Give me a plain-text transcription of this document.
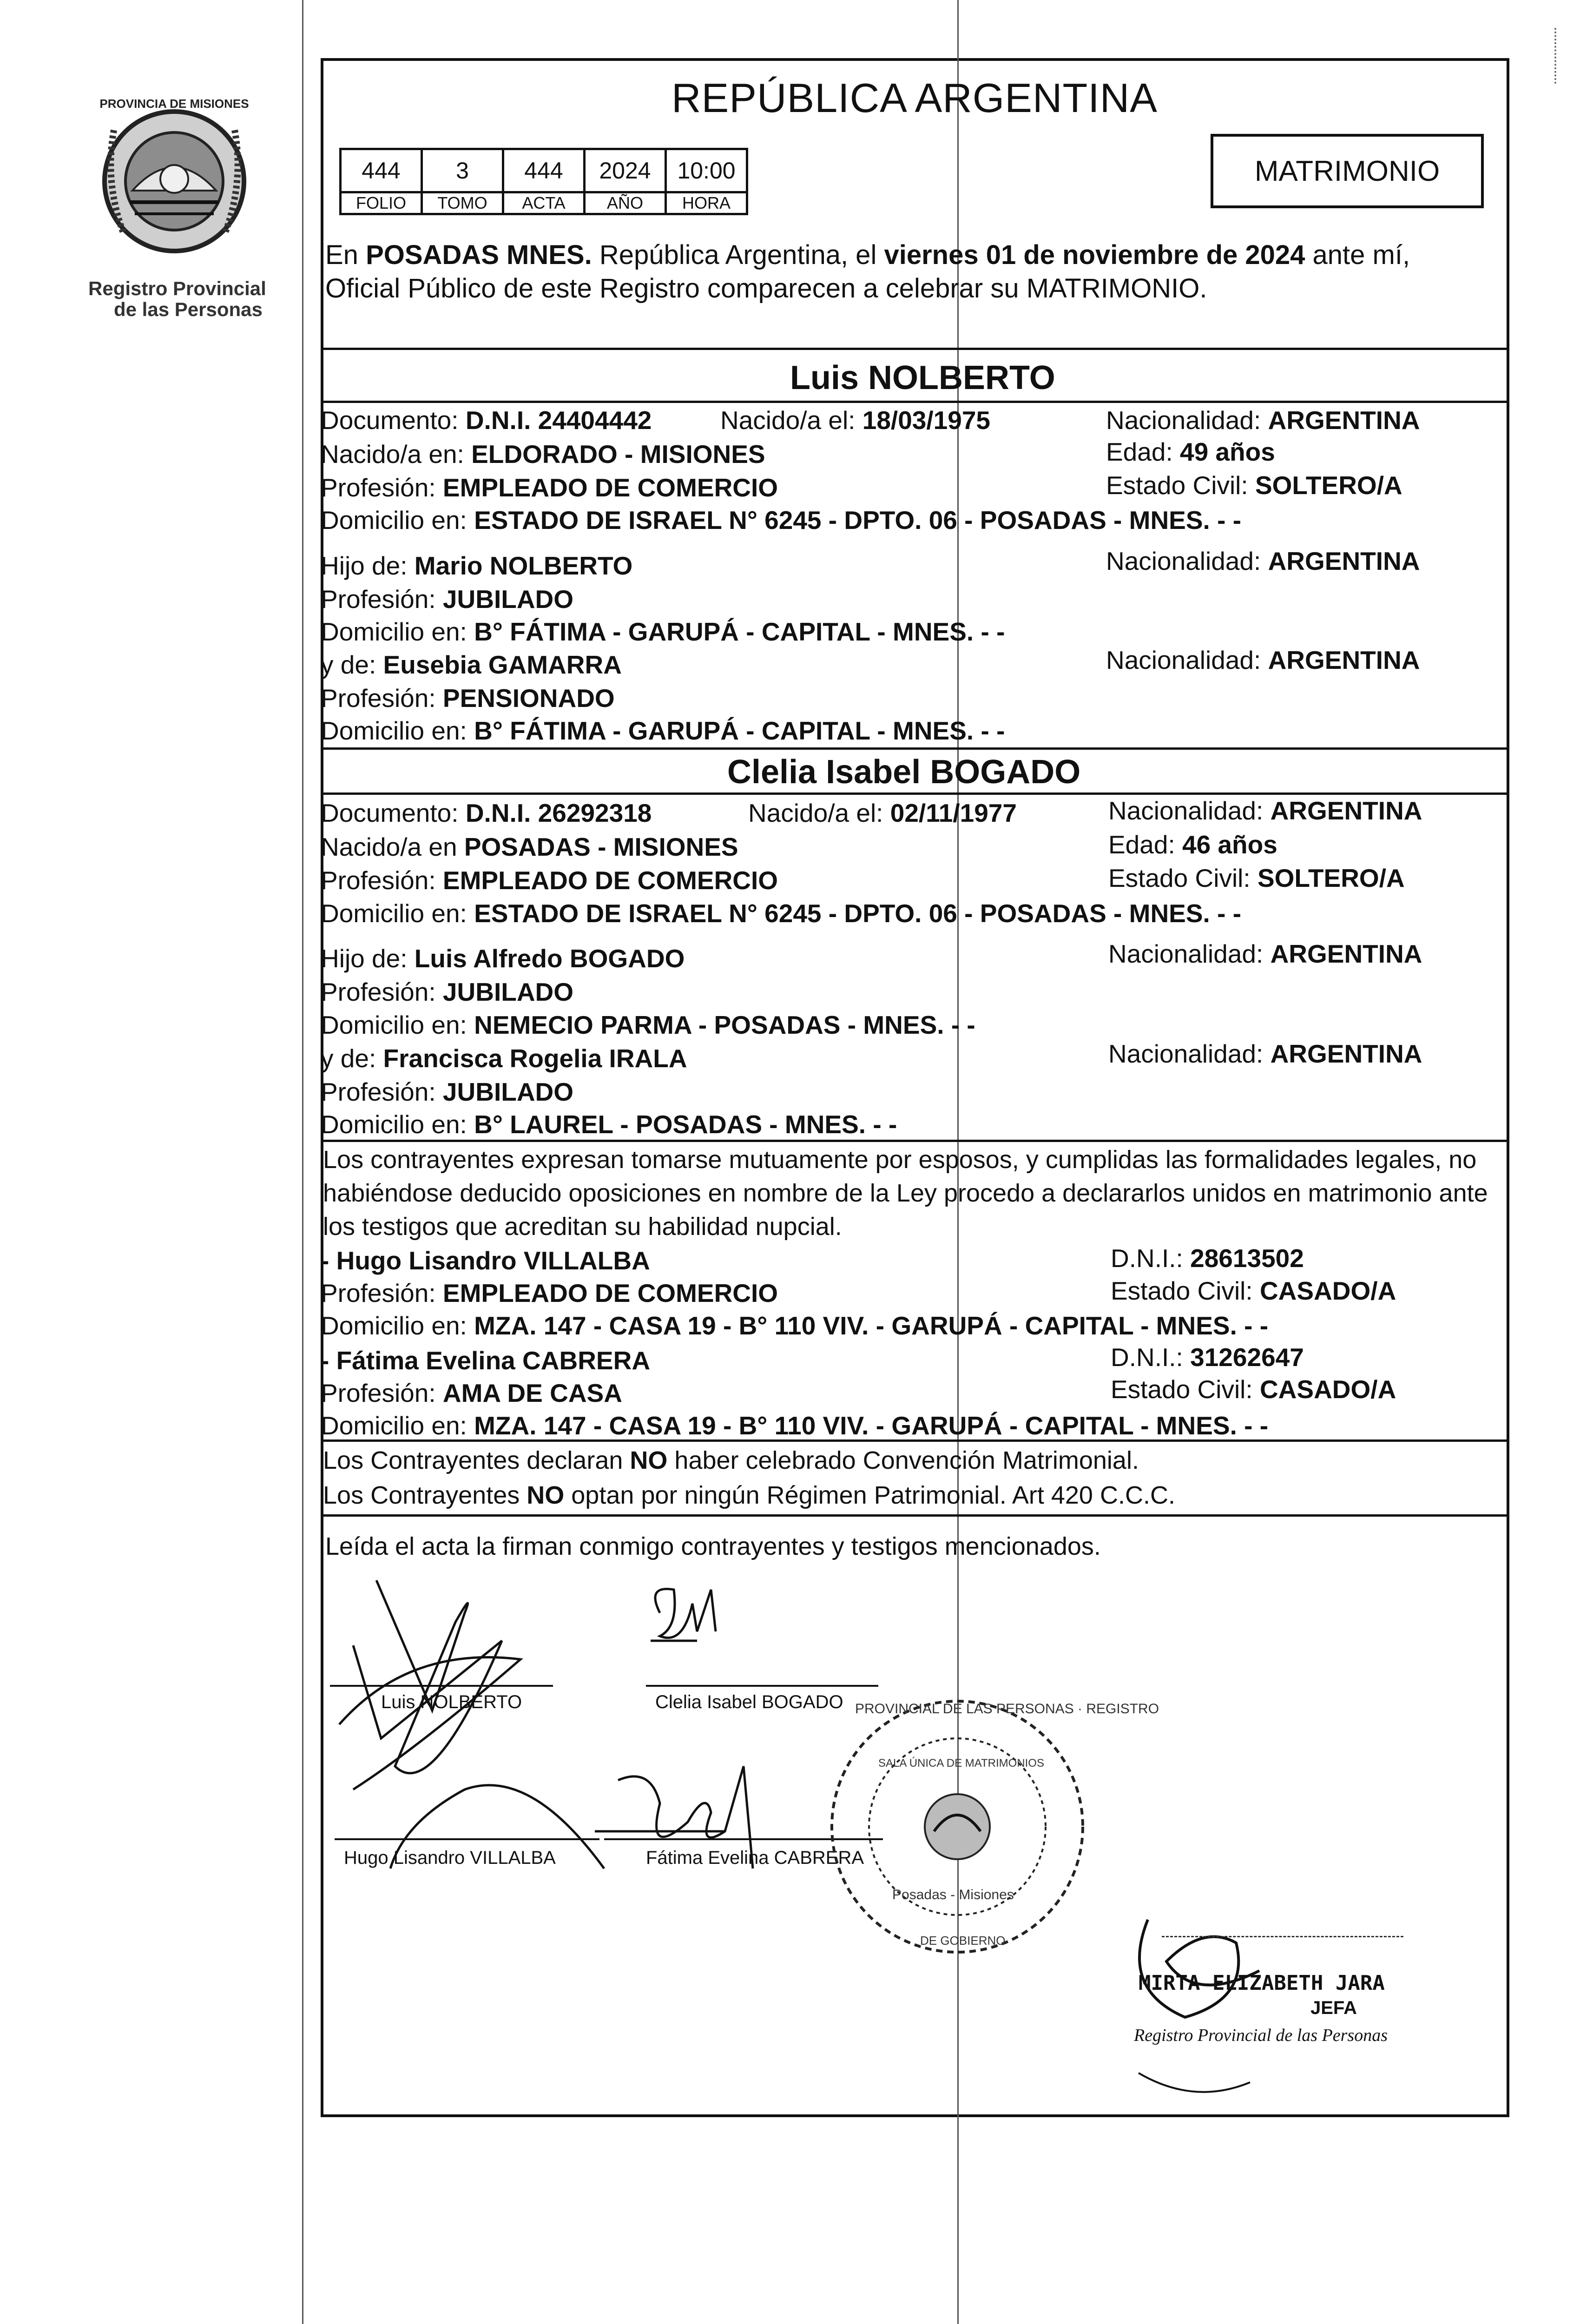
PROVINCIA DE MISIONES
Registro Provincial
de las Personas
REPÚBLICA ARGENTINA
444	3	444	2024	10:00
FOLIO	TOMO	ACTA	AÑO	HORA
MATRIMONIO
En POSADAS MNES. República Argentina, el viernes 01 de noviembre de 2024 ante mí,
Oficial Público de este Registro comparecen a celebrar su MATRIMONIO.
Luis NOLBERTO
Documento: D.N.I. 24404442	Nacido/a el: 18/03/1975	Nacionalidad: ARGENTINA
Nacido/a en: ELDORADO - MISIONES	Edad: 49 años
Profesión: EMPLEADO DE COMERCIO	Estado Civil: SOLTERO/A
Domicilio en: ESTADO DE ISRAEL N° 6245 - DPTO. 06 - POSADAS - MNES. - -
Hijo de: Mario NOLBERTO	Nacionalidad: ARGENTINA
Profesión: JUBILADO
Domicilio en: B° FÁTIMA - GARUPÁ - CAPITAL - MNES. - -
y de: Eusebia GAMARRA	Nacionalidad: ARGENTINA
Profesión: PENSIONADO
Domicilio en: B° FÁTIMA - GARUPÁ - CAPITAL - MNES. - -
Clelia Isabel BOGADO
Documento: D.N.I. 26292318	Nacido/a el: 02/11/1977	Nacionalidad: ARGENTINA
Nacido/a en POSADAS - MISIONES	Edad: 46 años
Profesión: EMPLEADO DE COMERCIO	Estado Civil: SOLTERO/A
Domicilio en: ESTADO DE ISRAEL N° 6245 - DPTO. 06 - POSADAS - MNES. - -
Hijo de: Luis Alfredo BOGADO	Nacionalidad: ARGENTINA
Profesión: JUBILADO
Domicilio en: NEMECIO PARMA - POSADAS - MNES. - -
y de: Francisca Rogelia IRALA	Nacionalidad: ARGENTINA
Profesión: JUBILADO
Domicilio en: B° LAUREL - POSADAS - MNES. - -
Los contrayentes expresan tomarse mutuamente por esposos, y cumplidas las formalidades legales, no
habiéndose deducido oposiciones en nombre de la Ley procedo a declararlos unidos en matrimonio ante
los testigos que acreditan su habilidad nupcial.
- Hugo Lisandro VILLALBA	D.N.I.: 28613502
Profesión: EMPLEADO DE COMERCIO	Estado Civil: CASADO/A
Domicilio en: MZA. 147 - CASA 19 - B° 110 VIV. - GARUPÁ - CAPITAL - MNES. - -
- Fátima Evelina CABRERA	D.N.I.: 31262647
Profesión: AMA DE CASA	Estado Civil: CASADO/A
Domicilio en: MZA. 147 - CASA 19 - B° 110 VIV. - GARUPÁ - CAPITAL - MNES. - -
Los Contrayentes declaran NO haber celebrado Convención Matrimonial.
Los Contrayentes NO optan por ningún Régimen Patrimonial. Art 420 C.C.C.
Leída el acta la firman conmigo contrayentes y testigos mencionados.
Luis NOLBERTO	Clelia Isabel BOGADO
Hugo Lisandro VILLALBA	Fátima Evelina CABRERA
PROVINCIAL DE LAS PERSONAS · REGISTRO
SALA ÚNICA DE MATRIMONIOS
Posadas - Misiones
DE GOBIERNO
MIRTA ELIZABETH JARA
JEFA
Registro Provincial de las Personas
